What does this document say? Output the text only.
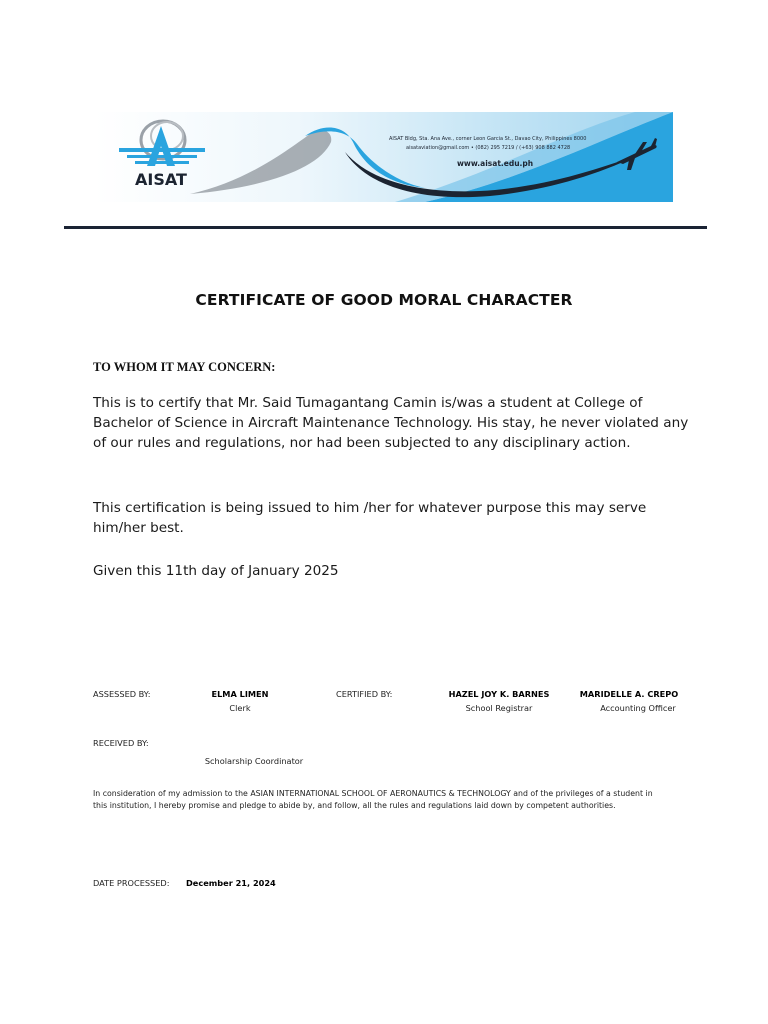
AISAT
AISAT Bldg, Sta. Ana Ave., corner Leon Garcia St., Davao City, Philippines 8000
aisataviation@gmail.com • (082) 295 7219 / (+63) 908 882 4728
www.aisat.edu.ph
CERTIFICATE OF GOOD MORAL CHARACTER
TO WHOM IT MAY CONCERN:
This is to certify that Mr. Said Tumagantang Camin is/was a student at College of Bachelor of Science in Aircraft Maintenance Technology. His stay, he never violated any of our rules and regulations, nor had been subjected to any disciplinary action.
This certification is being issued to him /her for whatever purpose this may serve him/her best.
Given this 11th day of January 2025
ASSESSED BY:	ELMA LIMEN
Clerk
CERTIFIED BY:	HAZEL JOY K. BARNES
School Registrar
MARIDELLE A. CREPO
Accounting Officer
RECEIVED BY:
Scholarship Coordinator
In consideration of my admission to the ASIAN INTERNATIONAL SCHOOL OF AERONAUTICS & TECHNOLOGY and of the privileges of a student in this institution, I hereby promise and pledge to abide by, and follow, all the rules and regulations laid down by competent authorities.
DATE PROCESSED: December 21, 2024
